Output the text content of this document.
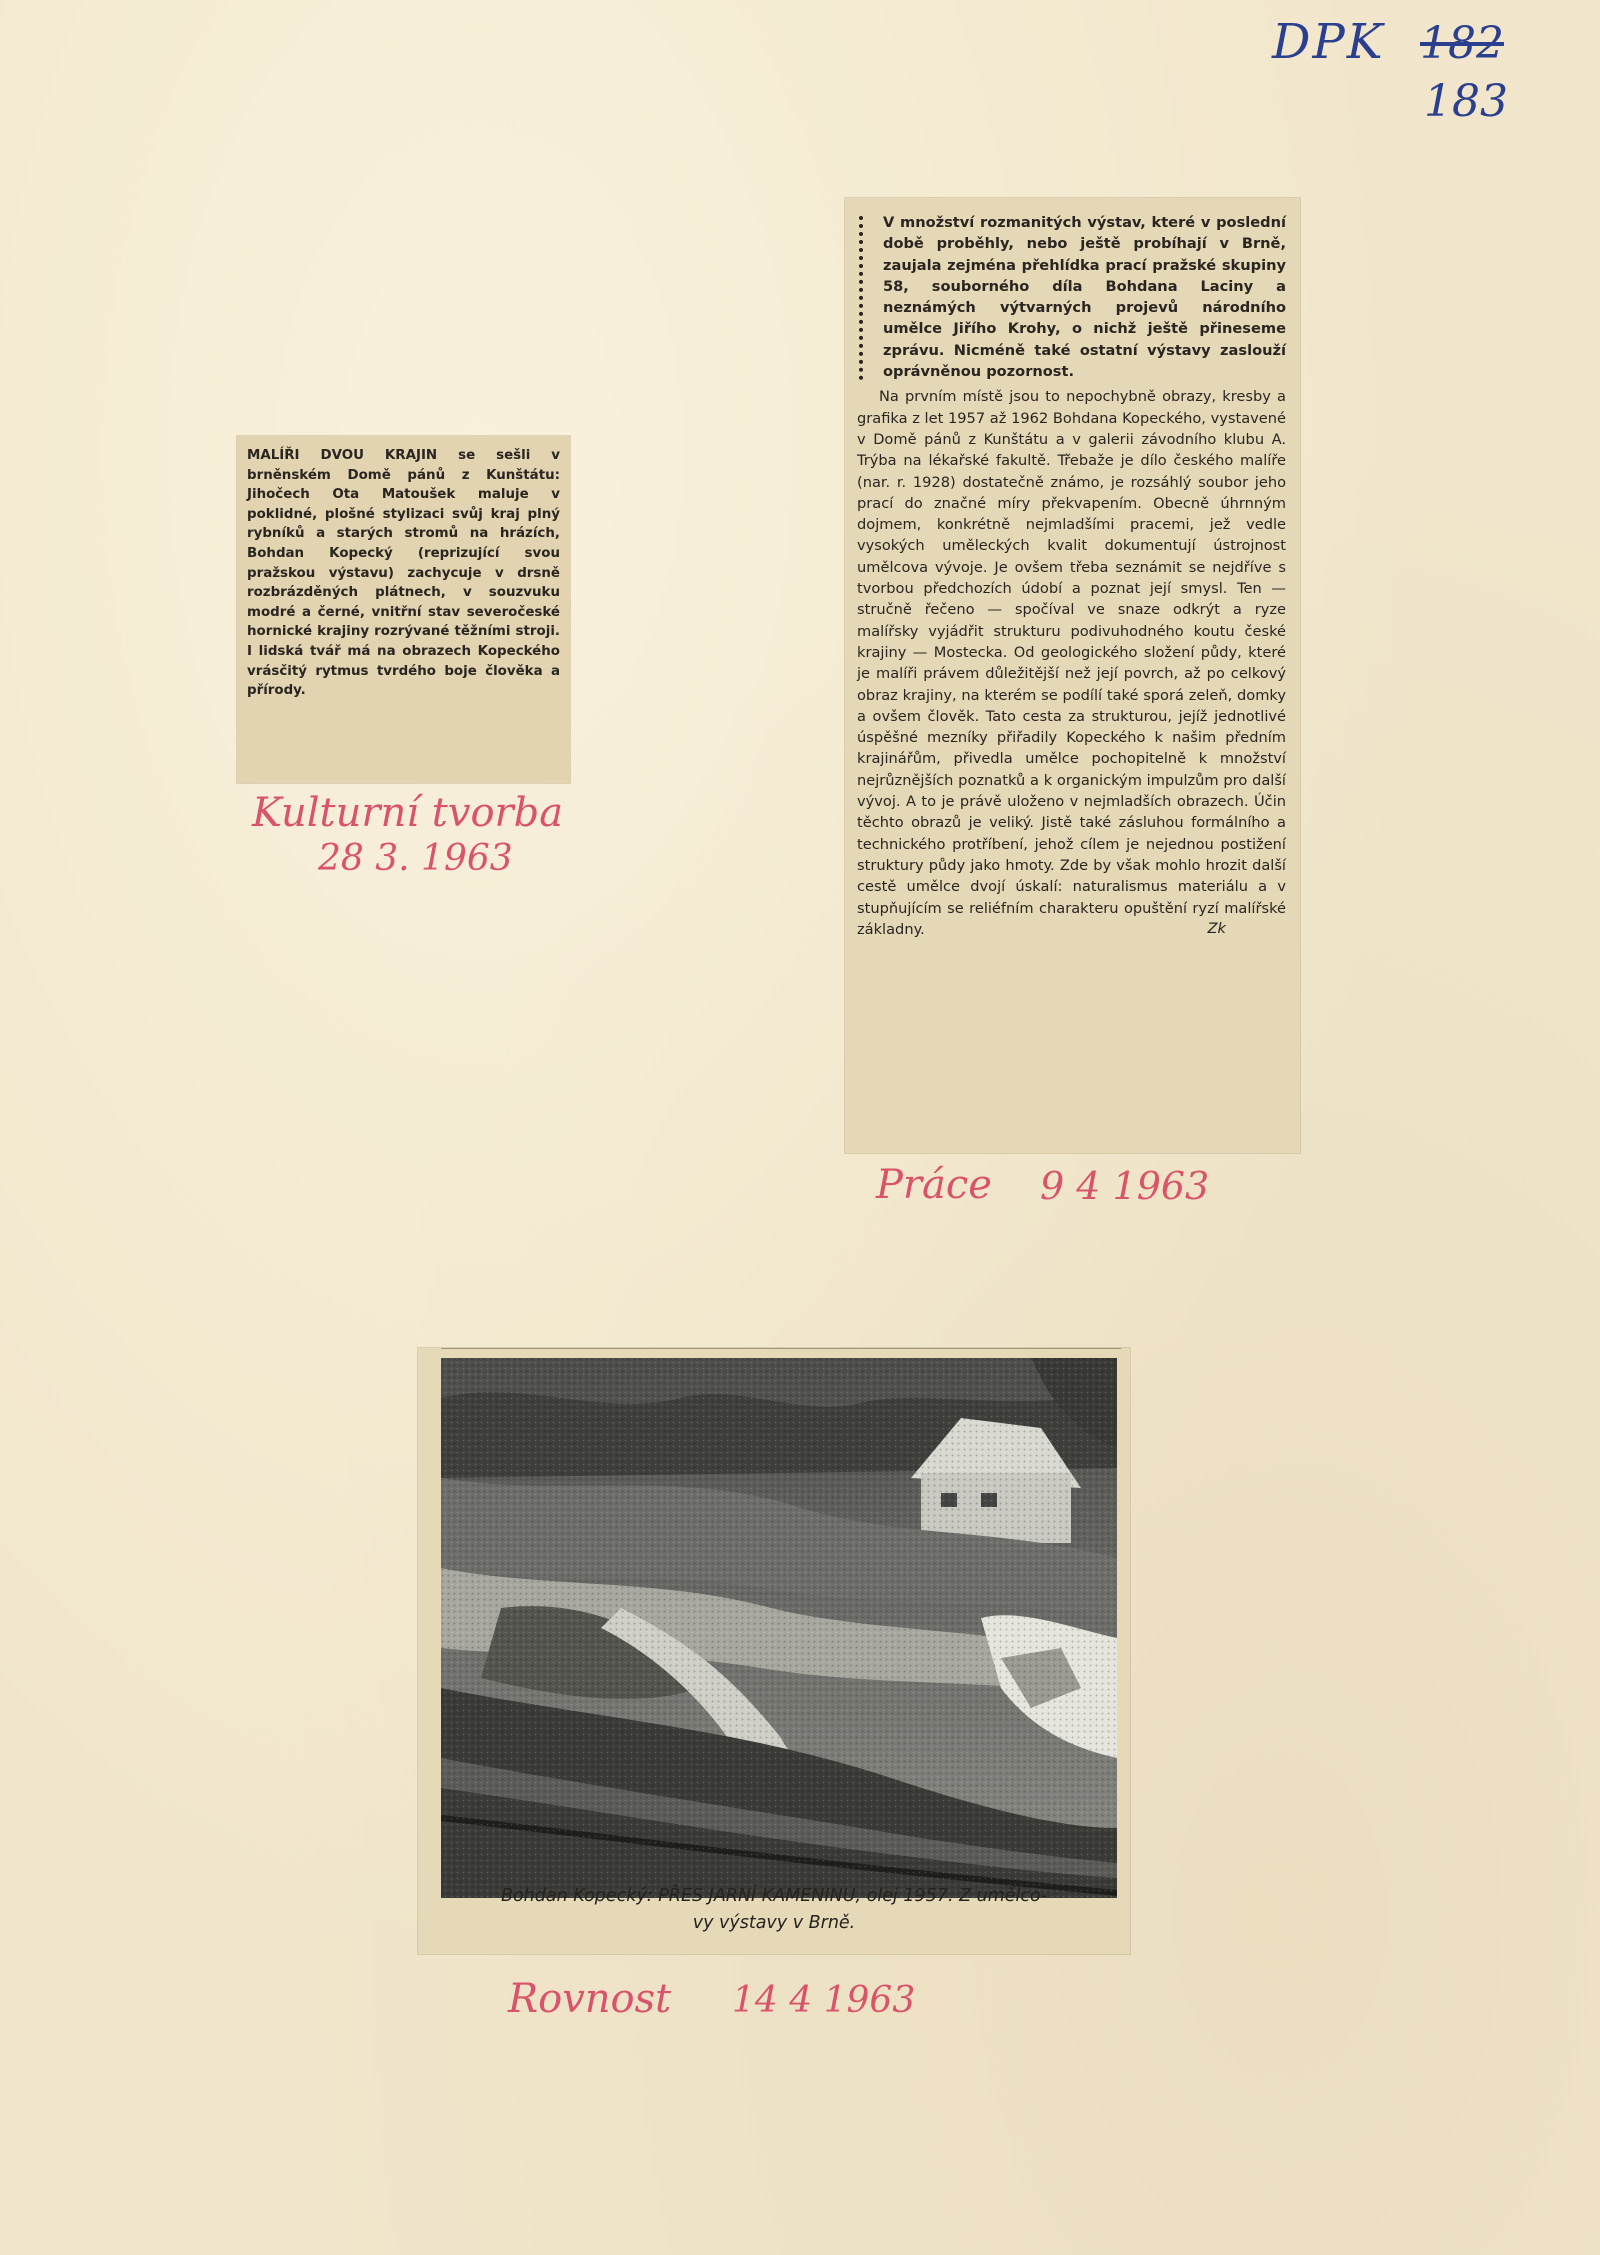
DPK 182
183
MALÍŘI DVOU KRAJIN se sešli v brněnském Domě pánů z Kunštátu: Jihočech Ota Matoušek maluje v poklidné, plošné stylizaci svůj kraj plný rybníků a starých stromů na hrázích, Bohdan Kopecký (reprizující svou pražskou výstavu) zachycuje v drsně rozbrázděných plátnech, v souzvuku modré a černé, vnitřní stav severočeské hornické krajiny rozrývané těžními stroji. I lidská tvář má na obrazech Kopeckého vrásčitý rytmus tvrdého boje člověka a přírody.
Kulturní tvorba
28 3. 1963
V množství rozmanitých výstav, které v poslední době proběhly, nebo ještě probíhají v Brně, zaujala zejména přehlídka prací pražské skupiny 58, souborného díla Bohdana Laciny a neznámých výtvarných projevů národního umělce Jiřího Krohy, o nichž ještě přineseme zprávu. Nicméně také ostatní výstavy zaslouží oprávněnou pozornost.
Na prvním místě jsou to nepochybně obrazy, kresby a grafika z let 1957 až 1962 Bohdana Kopeckého, vystavené v Domě pánů z Kunštátu a v galerii závodního klubu A. Trýba na lékařské fakultě. Třebaže je dílo českého malíře (nar. r. 1928) dostatečně známo, je rozsáhlý soubor jeho prací do značné míry překvapením. Obecně úhrnným dojmem, konkrétně nejmladšími pracemi, jež vedle vysokých uměleckých kvalit dokumentují ústrojnost umělcova vývoje. Je ovšem třeba seznámit se nejdříve s tvorbou předchozích údobí a poznat její smysl. Ten — stručně řečeno — spočíval ve snaze odkrýt a ryze malířsky vyjádřit strukturu podivuhodného koutu české krajiny — Mostecka. Od geologického složení půdy, které je malíři právem důležitější než její povrch, až po celkový obraz krajiny, na kterém se podílí také sporá zeleň, domky a ovšem člověk. Tato cesta za strukturou, jejíž jednotlivé úspěšné mezníky přiřadily Kopeckého k našim předním krajinářům, přivedla umělce pochopitelně k množství nejrůznějších poznatků a k organickým impulzům pro další vývoj. A to je právě uloženo v nejmladších obrazech. Účin těchto obrazů je veliký. Jistě také zásluhou formálního a technického protříbení, jehož cílem je nejednou postižení struktury půdy jako hmoty. Zde by však mohlo hrozit další cestě umělce dvojí úskalí: naturalismus materiálu a v stupňujícím se reliéfním charakteru opuštění ryzí malířské základny.	Zk
Práce 9 4 1963
Bohdan Kopecký: PŘES JARNÍ KAMENINU, olej 1957. Z umělco-
vy výstavy v Brně.
Rovnost 14 4 1963
